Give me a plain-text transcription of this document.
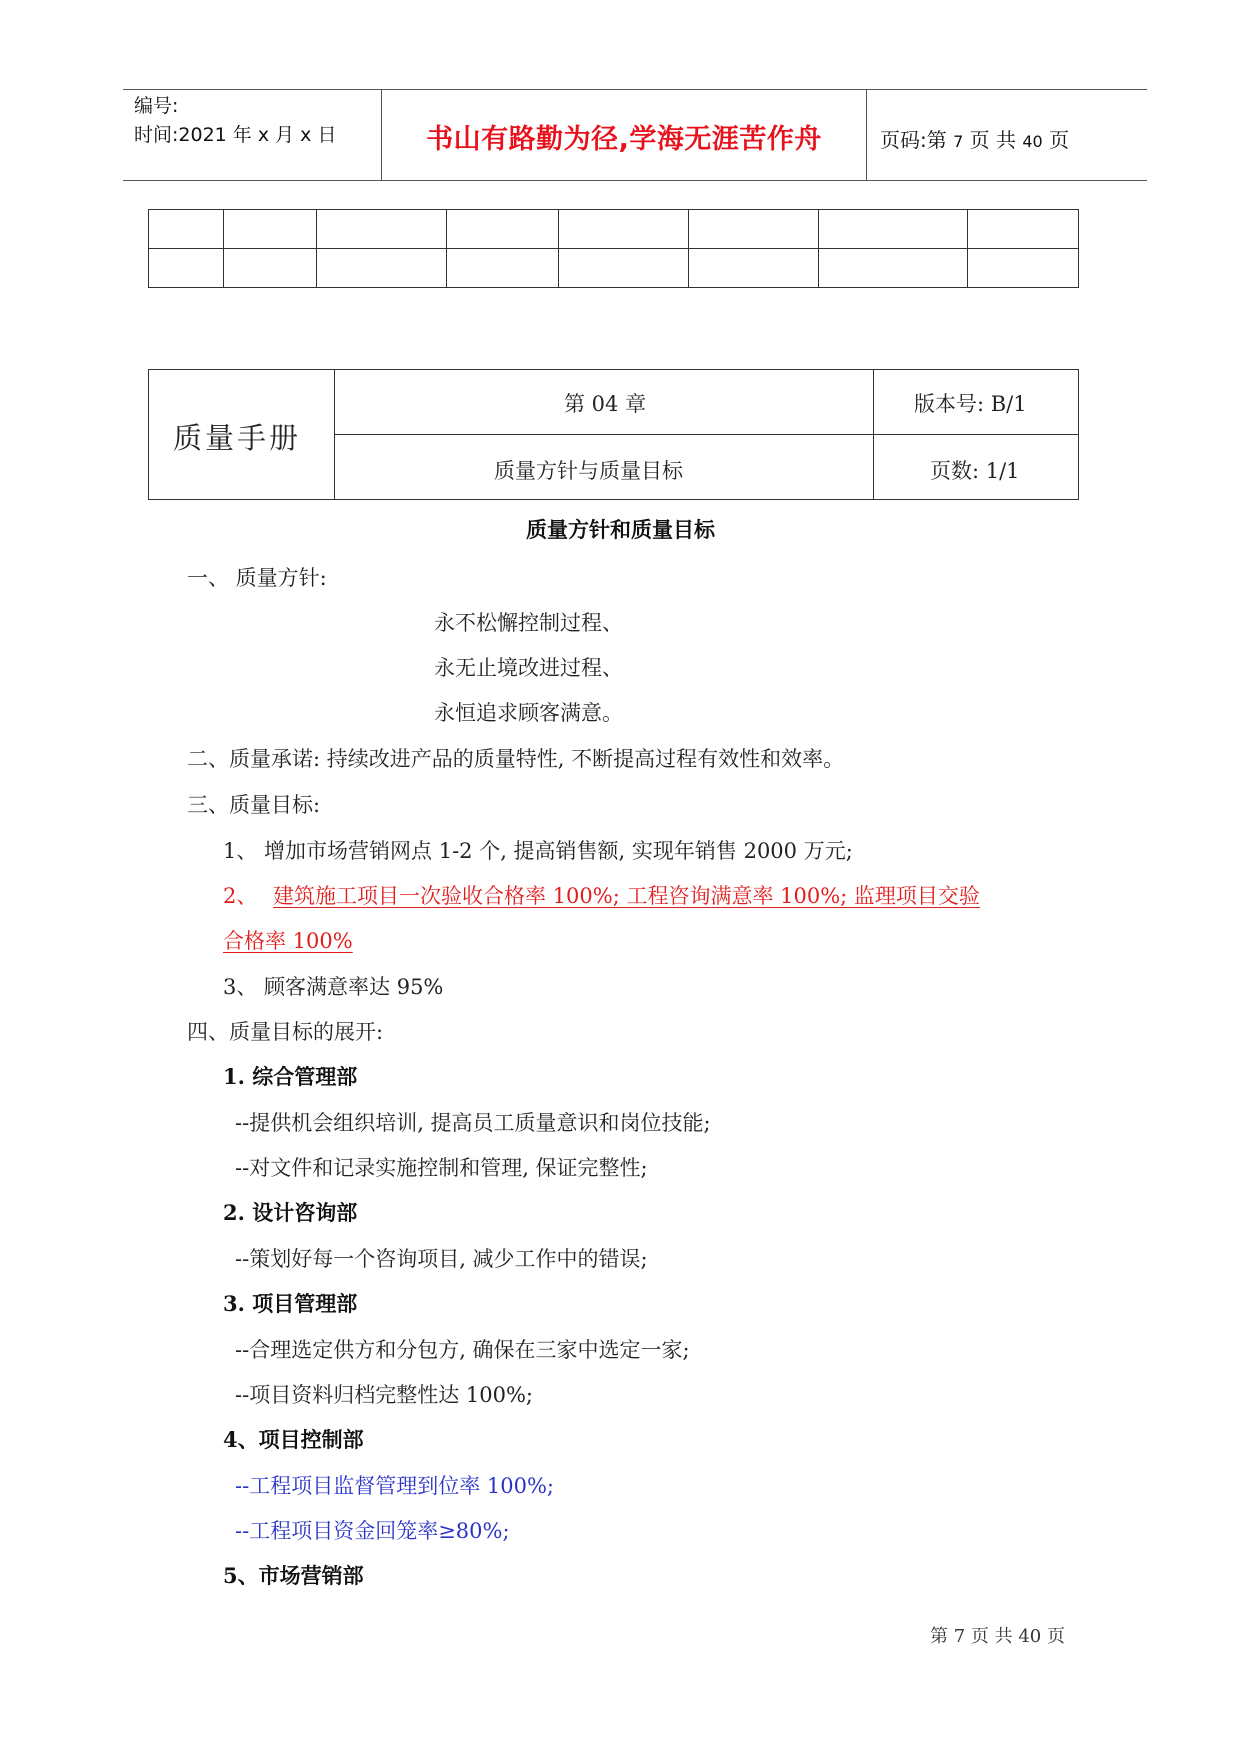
编号:
时间:2021 年 x 月 x 日	书山有路勤为径,学海无涯苦作舟	页码:第 7 页 共 40 页

质量手册
第 04 章	版本号: B/1
质量方针与质量目标	页数: 1/1
质量方针和质量目标
一、 质量方针:
永不松懈控制过程、
永无止境改进过程、
永恒追求顾客满意。
二、质量承诺: 持续改进产品的质量特性, 不断提高过程有效性和效率。
三、质量目标:
1、 增加市场营销网点 1-2 个, 提高销售额, 实现年销售 2000 万元;
2、 建筑施工项目一次验收合格率 100%; 工程咨询满意率 100%; 监理项目交验
合格率 100%
3、 顾客满意率达 95%
四、质量目标的展开:
1. 综合管理部
--提供机会组织培训, 提高员工质量意识和岗位技能;
--对文件和记录实施控制和管理, 保证完整性;
2. 设计咨询部
--策划好每一个咨询项目, 减少工作中的错误;
3. 项目管理部
--合理选定供方和分包方, 确保在三家中选定一家;
--项目资料归档完整性达 100%;
4、项目控制部
--工程项目监督管理到位率 100%;
--工程项目资金回笼率≥80%;
5、市场营销部
第 7 页 共 40 页
